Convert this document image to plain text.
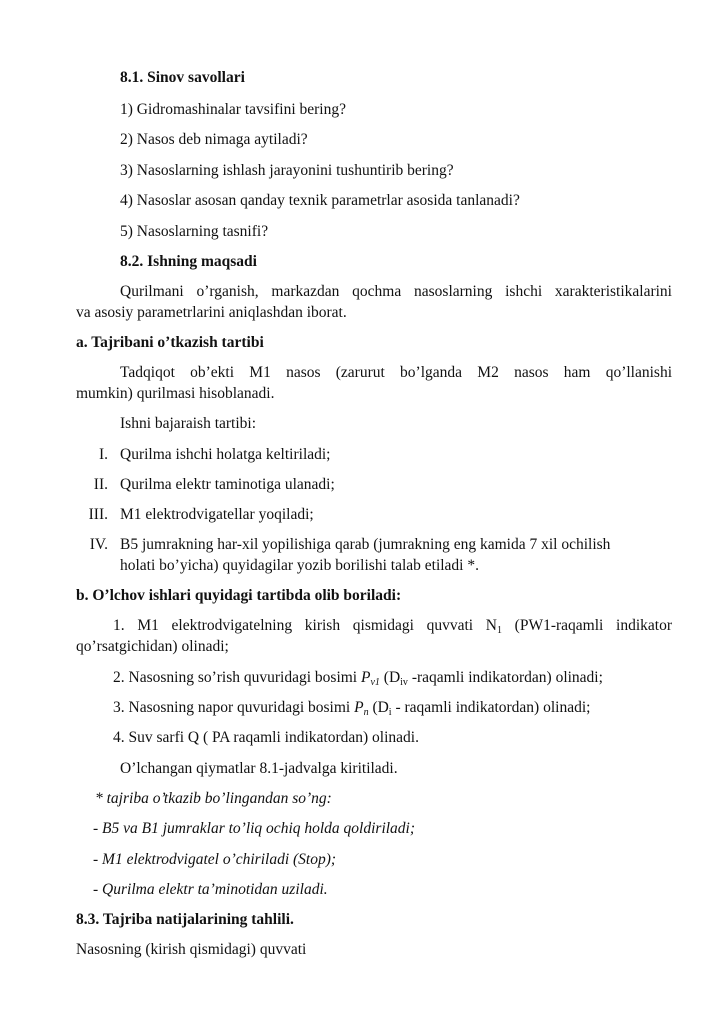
8.1. Sinov savollari
1) Gidromashinalar tavsifini bering?
2) Nasos deb nimaga aytiladi?
3) Nasoslarning ishlash jarayonini tushuntirib bering?
4) Nasoslar asosan qanday texnik parametrlar asosida tanlanadi?
5) Nasoslarning tasnifi?
8.2. Ishning maqsadi
Qurilmani o’rganish, markazdan qochma nasoslarning ishchi xarakteristikalarini
va asosiy parametrlarini aniqlashdan iborat.
a. Tajribani o’tkazish tartibi
Tadqiqot ob’ekti M1 nasos (zarurut bo’lganda M2 nasos ham qo’llanishi
mumkin) qurilmasi hisoblanadi.
Ishni bajaraish tartibi:
I. Qurilma ishchi holatga keltiriladi;
II. Qurilma elektr taminotiga ulanadi;
III. M1 elektrodvigatellar yoqiladi;
IV. B5 jumrakning har-xil yopilishiga qarab (jumrakning eng kamida 7 xil ochilish
holati bo’yicha) quyidagilar yozib borilishi talab etiladi *.
b. O’lchov ishlari quyidagi tartibda olib boriladi:
1. M1 elektrodvigatelning kirish qismidagi quvvati $N_1$ (PW1-raqamli indikator
qo’rsatgichidan) olinadi;
2. Nasosning so’rish quvuridagi bosimi Pv1 ($D_{iv}$ -raqamli indikatordan) olinadi;
3. Nasosning napor quvuridagi bosimi Pn ($D_i$ - raqamli indikatordan) olinadi;
4. Suv sarfi Q ( PA raqamli indikatordan) olinadi.
O’lchangan qiymatlar 8.1-jadvalga kiritiladi.
* tajriba o’tkazib bo’lingandan so’ng:
- B5 va B1 jumraklar to’liq ochiq holda qoldiriladi;
- M1 elektrodvigatel o’chiriladi (Stop);
- Qurilma elektr ta’minotidan uziladi.
8.3. Tajriba natijalarining tahlili.
Nasosning (kirish qismidagi) quvvati
